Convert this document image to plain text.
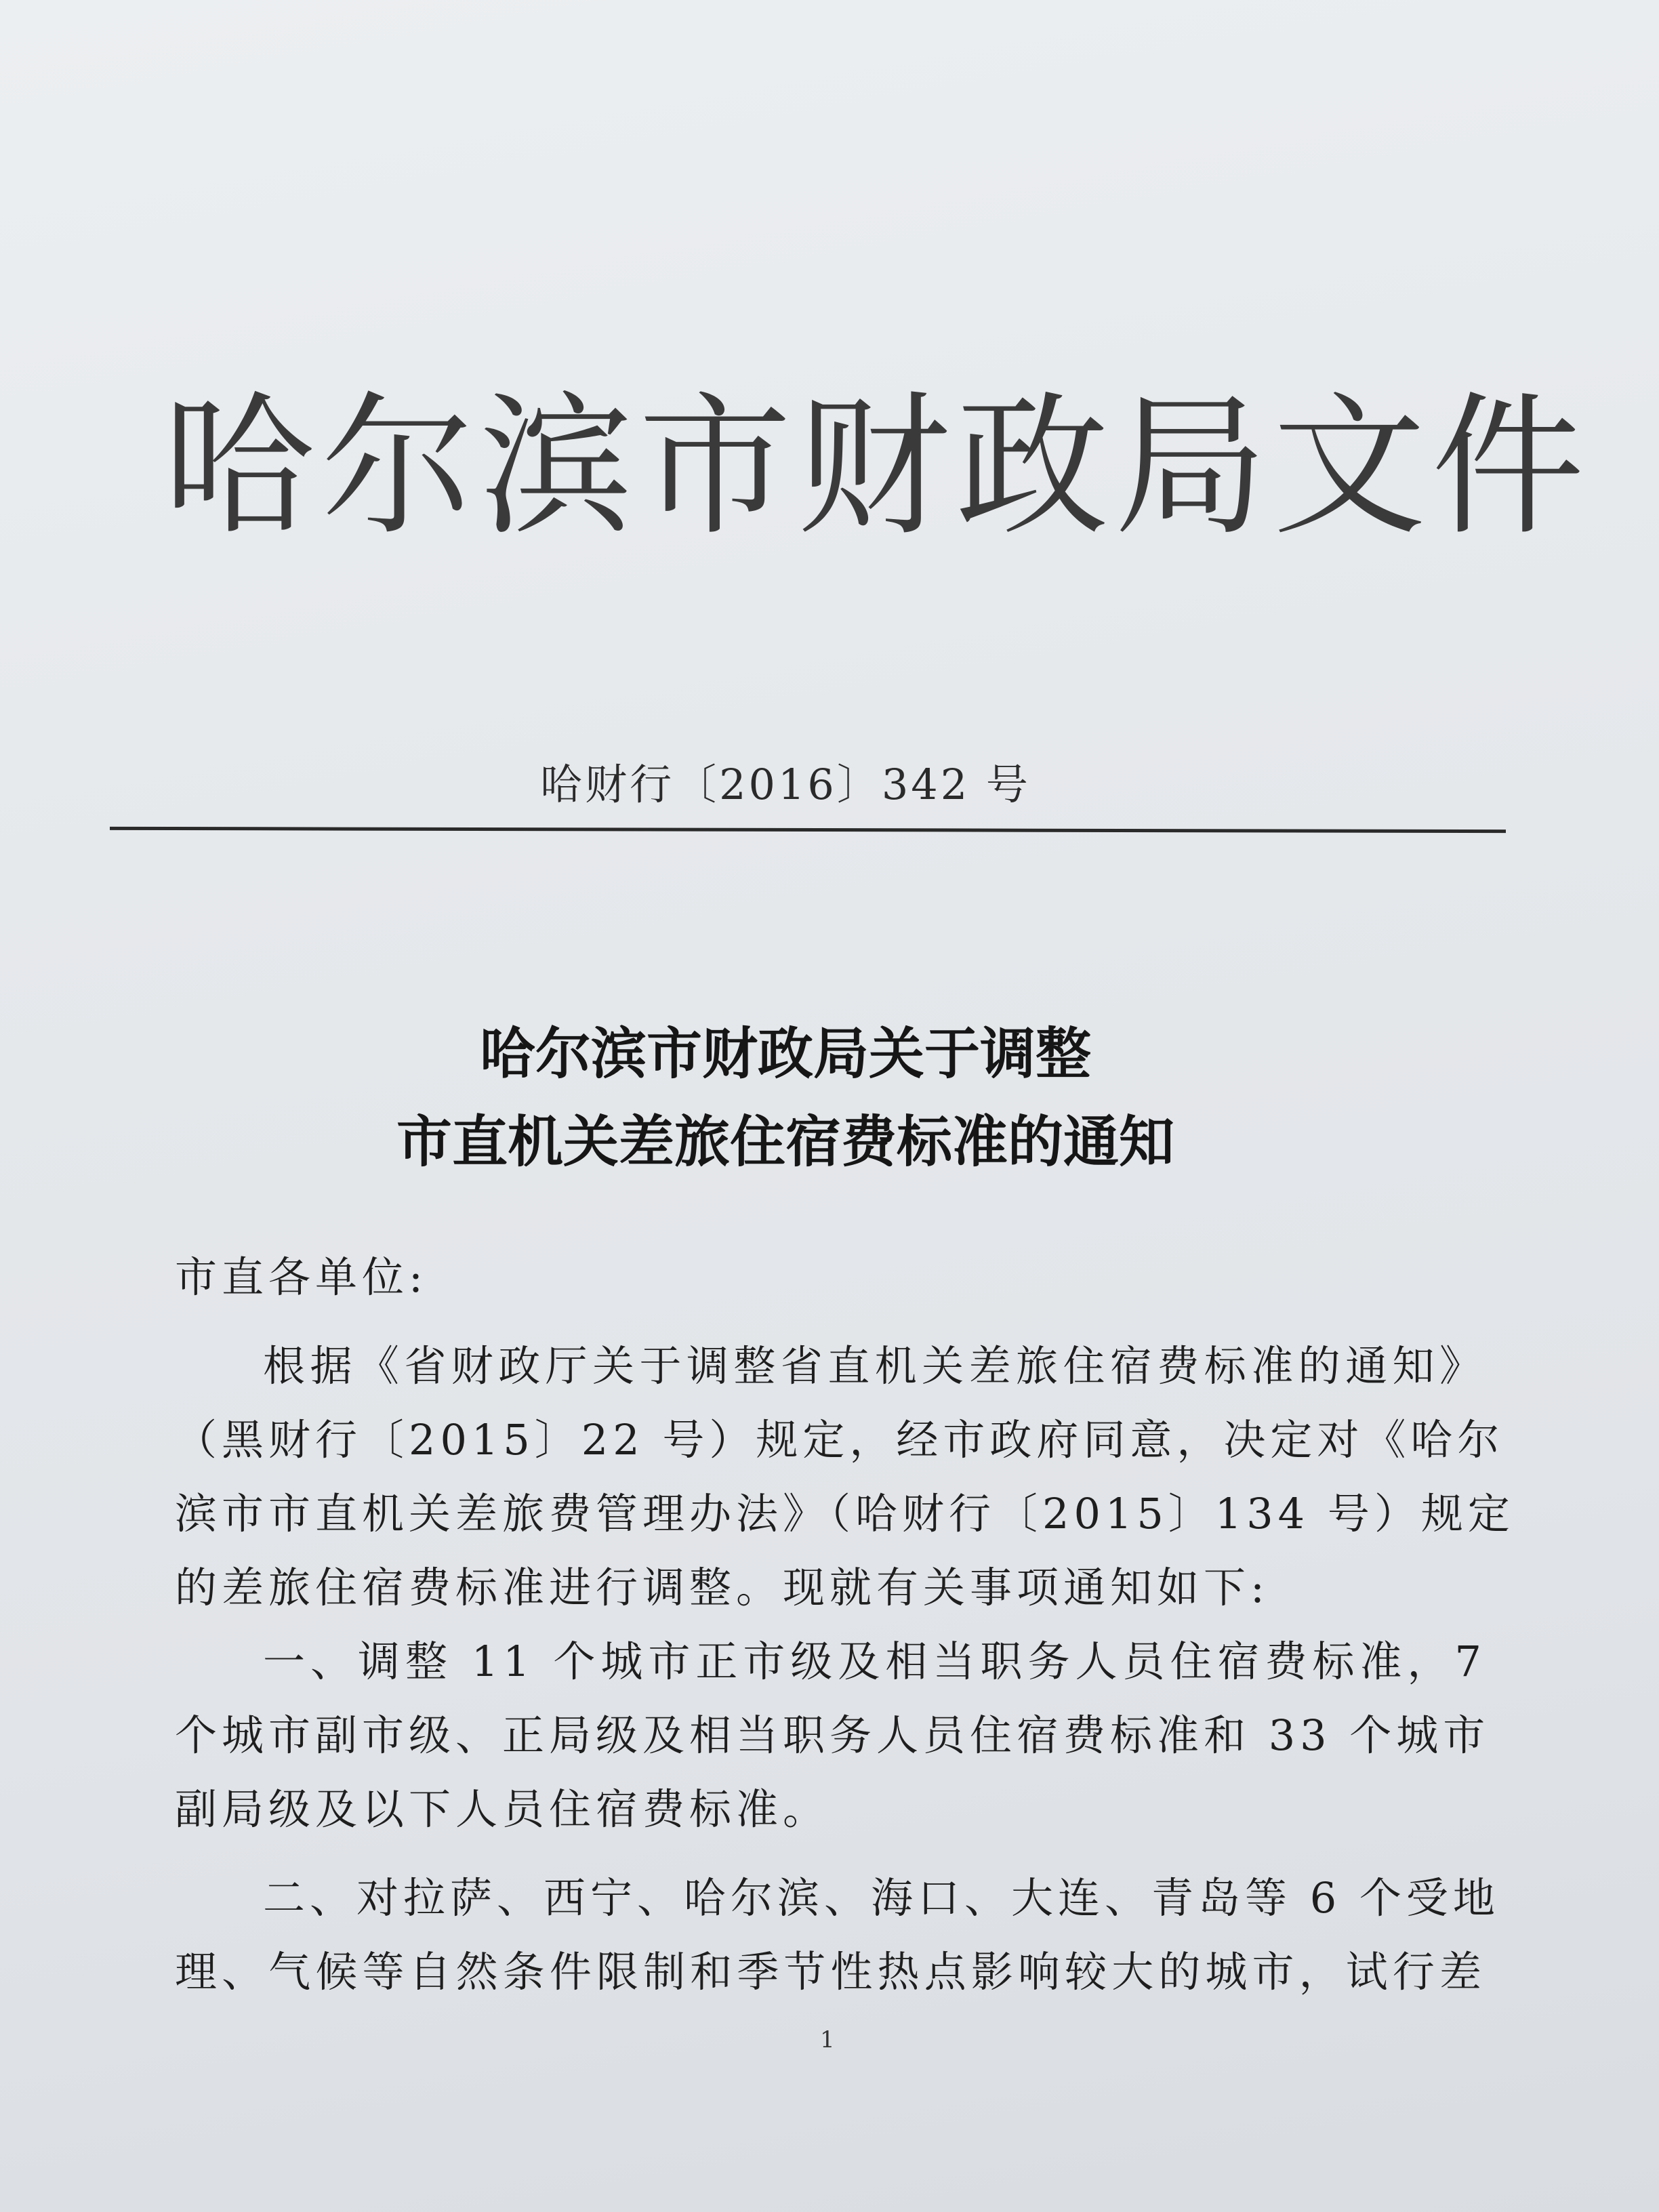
哈尔滨市财政局文件
哈财行〔2016〕342 号
哈尔滨市财政局关于调整
市直机关差旅住宿费标准的通知
市直各单位:
根据《省财政厅关于调整省直机关差旅住宿费标准的通知》
（黑财行〔2015〕22 号）规定，经市政府同意，决定对《哈尔
滨市市直机关差旅费管理办法》（哈财行〔2015〕134 号）规定
的差旅住宿费标准进行调整。现就有关事项通知如下:
一、调整 11 个城市正市级及相当职务人员住宿费标准，7
个城市副市级、正局级及相当职务人员住宿费标准和 33 个城市
副局级及以下人员住宿费标准。
二、对拉萨、西宁、哈尔滨、海口、大连、青岛等 6 个受地
理、气候等自然条件限制和季节性热点影响较大的城市，试行差
1
